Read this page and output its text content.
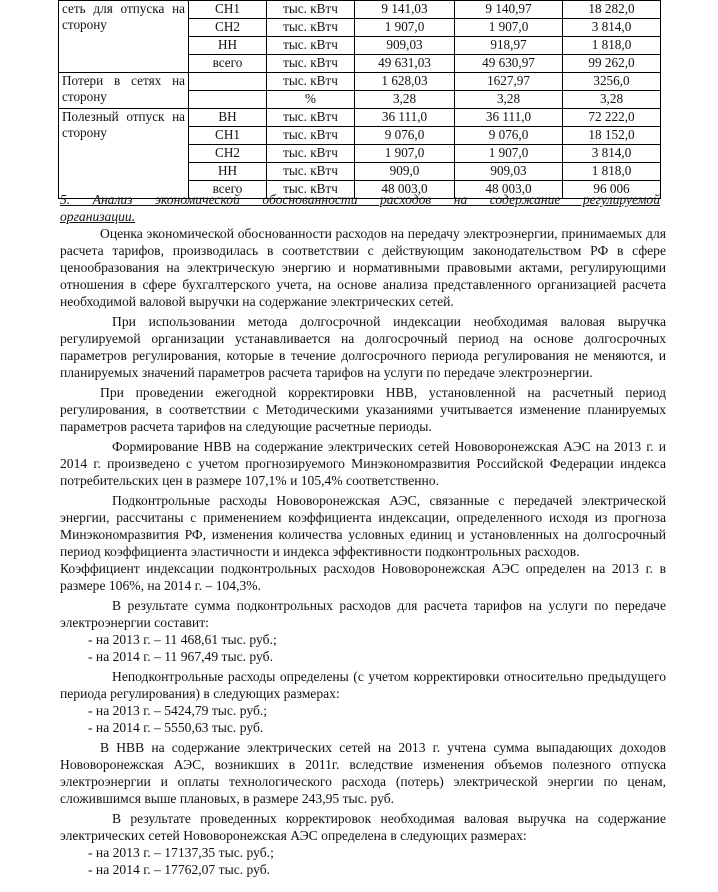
сеть для отпуска на сторону	СН1	тыс. кВтч	9 141,03	9 140,97	18 282,0
	СН2	тыс. кВтч	1 907,0	1 907,0	3 814,0
	НН	тыс. кВтч	909,03	918,97	1 818,0
	всего	тыс. кВтч	49 631,03	49 630,97	99 262,0
Потери в сетях на сторону		тыс. кВтч	1 628,03	1627,97	3256,0
		%	3,28	3,28	3,28
Полезный отпуск на сторону	ВН	тыс. кВтч	36 111,0	36 111,0	72 222,0
	СН1	тыс. кВтч	9 076,0	9 076,0	18 152,0
	СН2	тыс. кВтч	1 907,0	1 907,0	3 814,0
	НН	тыс. кВтч	909,0	909,03	1 818,0
	всего	тыс. кВтч	48 003,0	48 003,0	96 006
5. Анализ экономической обоснованности расходов на содержание регулируемой
организации.

Оценка экономической обоснованности расходов на передачу электроэнергии, принимаемых для расчета тарифов, производилась в соответствии с действующим законодательством РФ в сфере ценообразования на электрическую энергию и нормативными правовыми актами, регулирующими отношения в сфере бухгалтерского учета, на основе анализа представленного организацией расчета необходимой валовой выручки на содержание электрических сетей.

При использовании метода долгосрочной индексации необходимая валовая выручка регулируемой организации устанавливается на долгосрочный период на основе долгосрочных параметров регулирования, которые в течение долгосрочного периода регулирования не меняются, и планируемых значений параметров расчета тарифов на услуги по передаче электроэнергии.

При проведении ежегодной корректировки НВВ, установленной на расчетный период регулирования, в соответствии с Методическими указаниями учитывается изменение планируемых параметров расчета тарифов на следующие расчетные периоды.

Формирование НВВ на содержание электрических сетей Нововоронежская АЭС на 2013 г. и 2014 г. произведено с учетом прогнозируемого Минэкономразвития Российской Федерации индекса потребительских цен в размере 107,1% и 105,4% соответственно.

Подконтрольные расходы Нововоронежская АЭС, связанные с передачей электрической энергии, рассчитаны с применением коэффициента индексации, определенного исходя из прогноза Минэкономразвития РФ, изменения количества условных единиц и установленных на долгосрочный период коэффициента эластичности и индекса эффективности подконтрольных расходов.

Коэффициент индексации подконтрольных расходов Нововоронежская АЭС определен на 2013 г. в размере 106%, на 2014 г. – 104,3%.

В результате сумма подконтрольных расходов для расчета тарифов на услуги по передаче электроэнергии составит:

- на 2013 г. – 11 468,61 тыс. руб.;

- на 2014 г. – 11 967,49 тыс. руб.

Неподконтрольные расходы определены (с учетом корректировки относительно предыдущего периода регулирования) в следующих размерах:

- на 2013 г. – 5424,79 тыс. руб.;

- на 2014 г. – 5550,63 тыс. руб.

В НВВ на содержание электрических сетей на 2013 г. учтена сумма выпадающих доходов Нововоронежская АЭС, возникших в 2011г. вследствие изменения объемов полезного отпуска электроэнергии и оплаты технологического расхода (потерь) электрической энергии по ценам, сложившимся выше плановых, в размере 243,95 тыс. руб.

В результате проведенных корректировок необходимая валовая выручка на содержание электрических сетей Нововоронежская АЭС определена в следующих размерах:

- на 2013 г. – 17137,35 тыс. руб.;

- на 2014 г. – 17762,07 тыс. руб.
